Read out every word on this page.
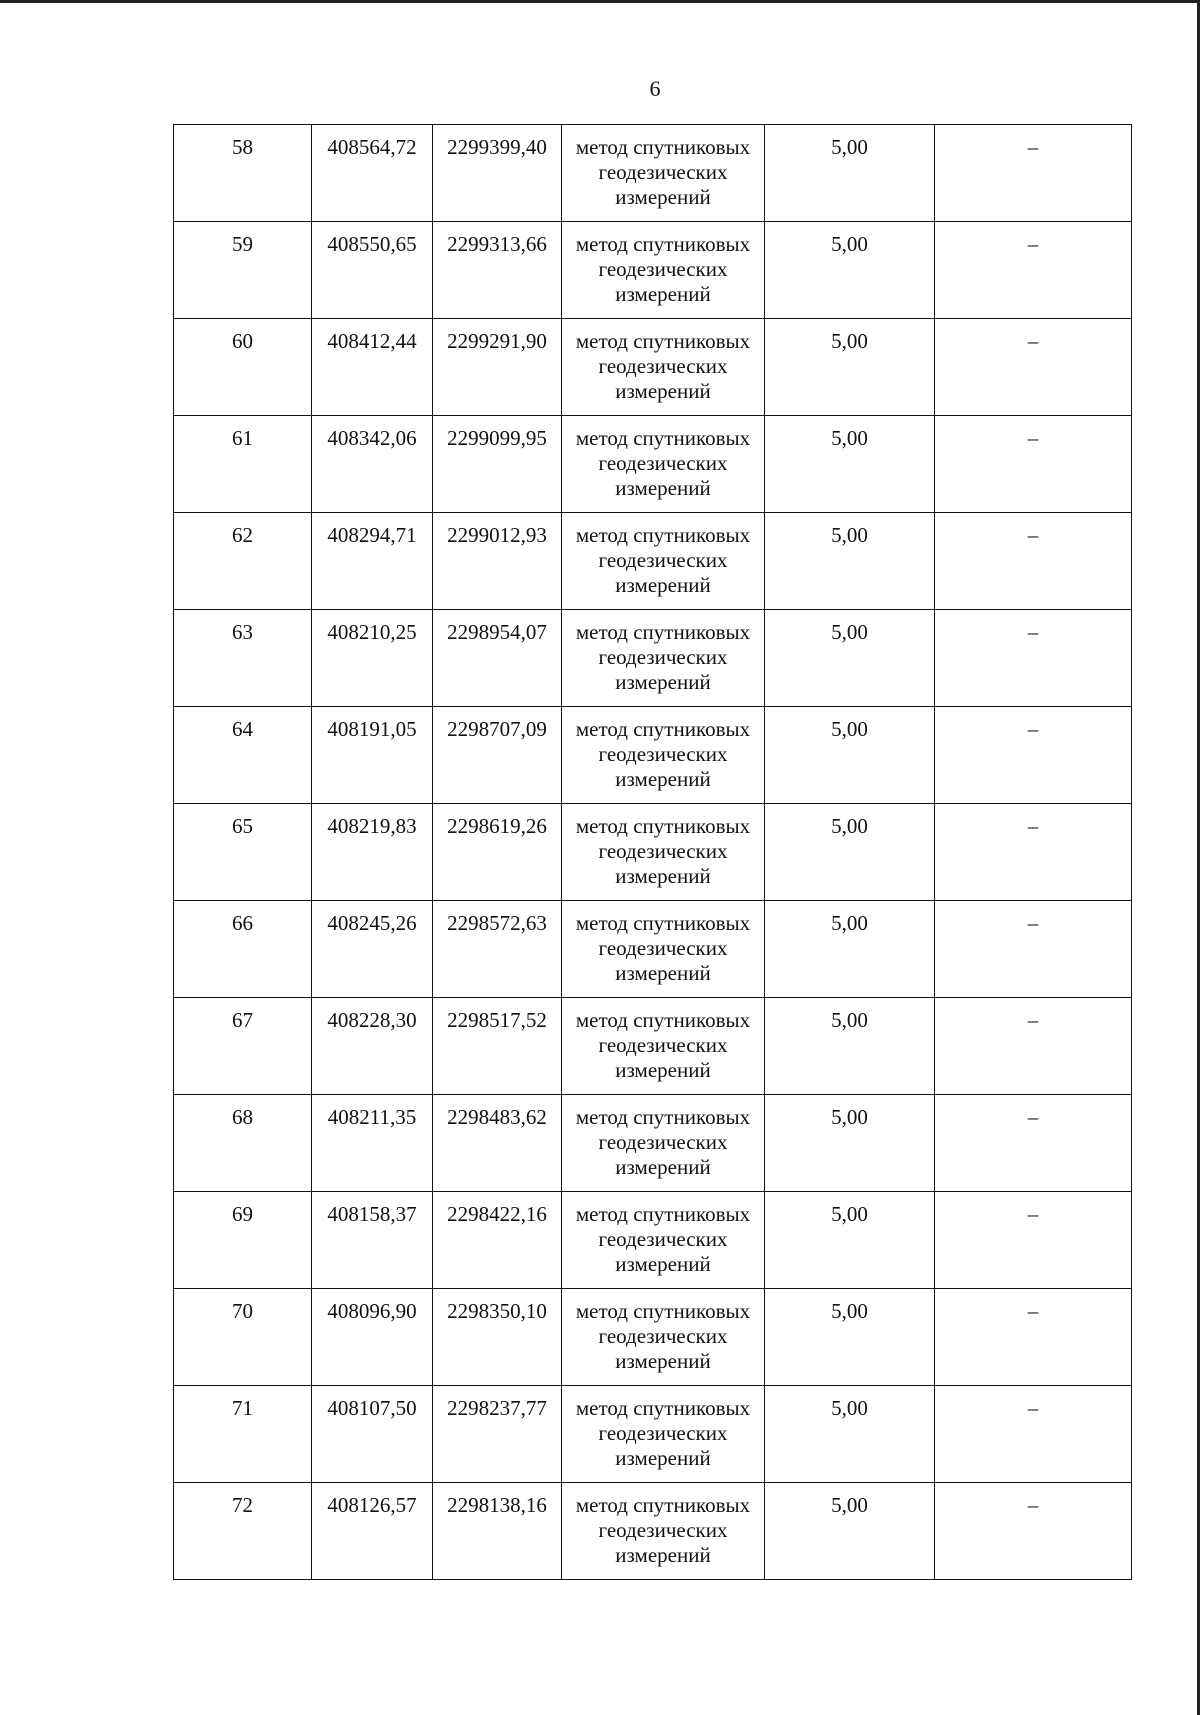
6
58	408564,72	2299399,40	метод спутниковых геодезических измерений	5,00	–
59	408550,65	2299313,66	метод спутниковых геодезических измерений	5,00	–
60	408412,44	2299291,90	метод спутниковых геодезических измерений	5,00	–
61	408342,06	2299099,95	метод спутниковых геодезических измерений	5,00	–
62	408294,71	2299012,93	метод спутниковых геодезических измерений	5,00	–
63	408210,25	2298954,07	метод спутниковых геодезических измерений	5,00	–
64	408191,05	2298707,09	метод спутниковых геодезических измерений	5,00	–
65	408219,83	2298619,26	метод спутниковых геодезических измерений	5,00	–
66	408245,26	2298572,63	метод спутниковых геодезических измерений	5,00	–
67	408228,30	2298517,52	метод спутниковых геодезических измерений	5,00	–
68	408211,35	2298483,62	метод спутниковых геодезических измерений	5,00	–
69	408158,37	2298422,16	метод спутниковых геодезических измерений	5,00	–
70	408096,90	2298350,10	метод спутниковых геодезических измерений	5,00	–
71	408107,50	2298237,77	метод спутниковых геодезических измерений	5,00	–
72	408126,57	2298138,16	метод спутниковых геодезических измерений	5,00	–
